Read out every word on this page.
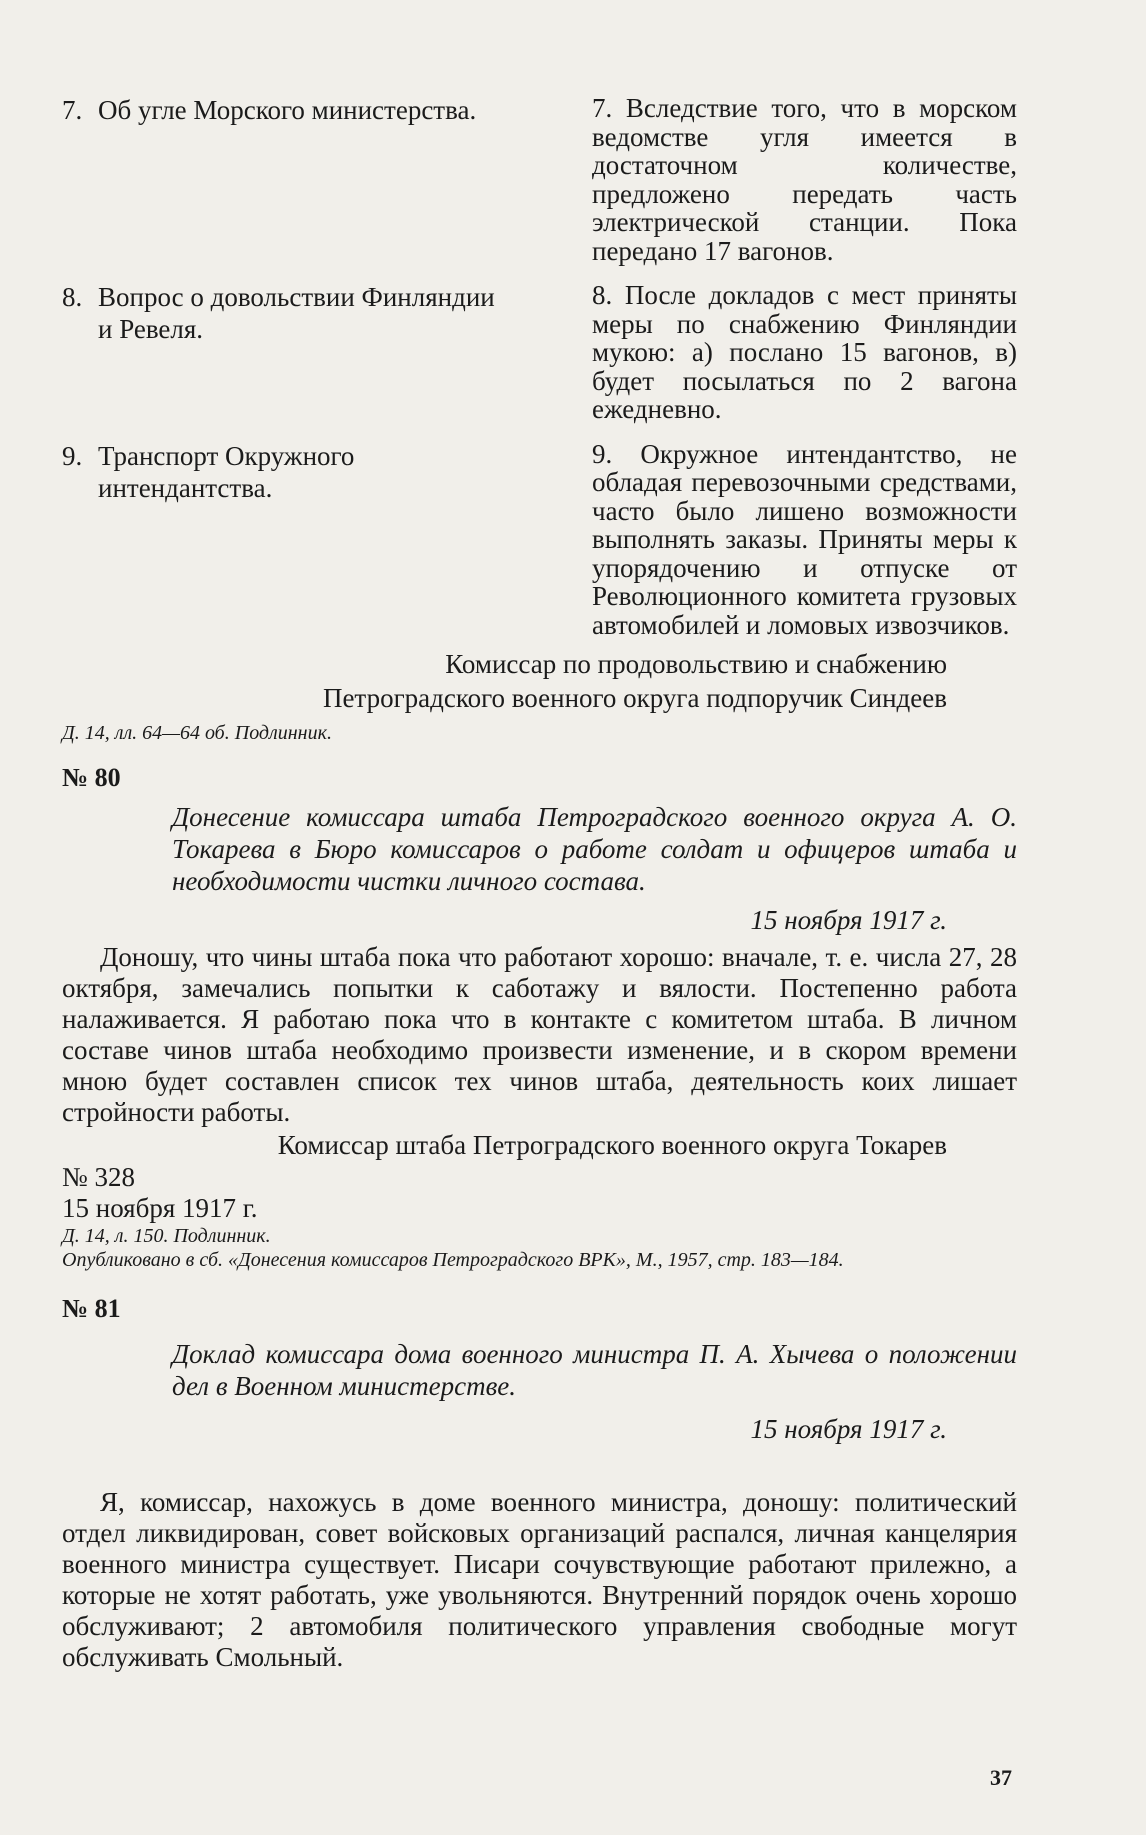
7. Об угле Морского министерства.	7. Вследствие того, что в морском ведомстве угля имеется в достаточном количестве, предложено передать часть электрической станции. Пока передано 17 вагонов.
8. Вопрос о довольствии Финляндии и Ревеля.
8. После докладов с мест приняты меры по снабжению Финляндии мукою: а) послано 15 вагонов, в) будет посылаться по 2 вагона ежедневно.
9. Транспорт Окружного интендантства.
9. Окружное интендантство, не обладая перевозочными средствами, часто было лишено возможности выполнять заказы. Приняты меры к упорядочению и отпуске от Революционного комитета грузовых автомобилей и ломовых извозчиков.
Комиссар по продовольствию и снабжению
Петроградского военного округа подпоручик Синдеев
Д. 14, лл. 64—64 об. Подлинник.
№ 80
Донесение комиссара штаба Петроградского военного округа А. О. Токарева в Бюро комиссаров о работе солдат и офицеров штаба и необходимости чистки личного состава.
15 ноября 1917 г.
Доношу, что чины штаба пока что работают хорошо: вначале, т. е. числа 27, 28 октября, замечались попытки к саботажу и вялости. Постепенно работа налаживается. Я работаю пока что в контакте с комитетом штаба. В личном составе чинов штаба необходимо произвести изменение, и в скором времени мною будет составлен список тех чинов штаба, деятельность коих лишает стройности работы.
Комиссар штаба Петроградского военного округа Токарев
№ 328
15 ноября 1917 г.
Д. 14, л. 150. Подлинник.
Опубликовано в сб. «Донесения комиссаров Петроградского ВРК», М., 1957, стр. 183—184.
№ 81
Доклад комиссара дома военного министра П. А. Хычева о положении дел в Военном министерстве.
15 ноября 1917 г.
Я, комиссар, нахожусь в доме военного министра, доношу: политический отдел ликвидирован, совет войсковых организаций распался, личная канцелярия военного министра существует. Писари сочувствующие работают прилежно, а которые не хотят работать, уже увольняются. Внутренний порядок очень хорошо обслуживают; 2 автомобиля политического управления свободные могут обслуживать Смольный.
37
